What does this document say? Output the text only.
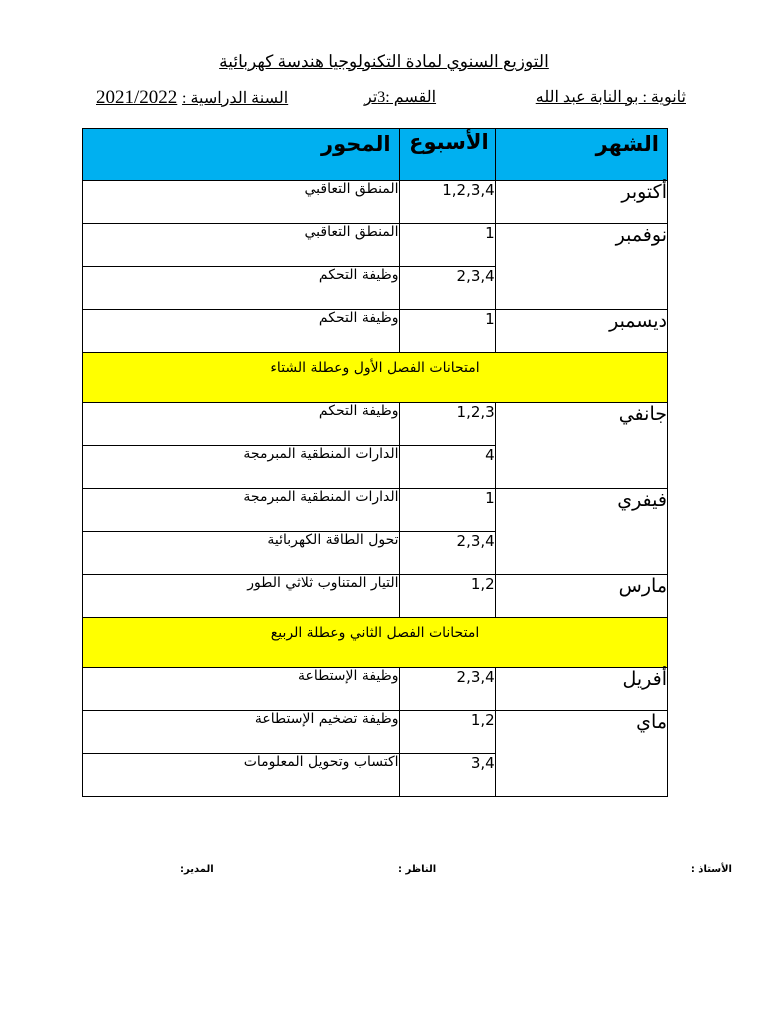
التوزيع السنوي لمادة التكنولوجيا هندسة كهربائية
ثانوية : بو النابة عبد الله
القسم :3تر
السنة الدراسية : 2021/2022
الشهر	الأسبوع	المحور
أكتوبر	1,2,3,4	المنطق التعاقبي
نوفمبر	1	المنطق التعاقبي
	2,3,4	وظيفة التحكم
ديسمبر	1	وظيفة التحكم
امتحانات الفصل الأول وعطلة الشتاء		
جانفي	1,2,3	وظيفة التحكم
	4	الدارات المنطقية المبرمجة
فيفري	1	الدارات المنطقية المبرمجة
	2,3,4	تحول الطاقة الكهربائية
مارس	1,2	التيار المتناوب ثلاثي الطور
امتحانات الفصل الثاني وعطلة الربيع		
أفريل	2,3,4	وظيفة الإستطاعة
ماي	1,2	وظيفة تضخيم الإستطاعة
	3,4	اكتساب وتحويل المعلومات
الأستاذ :
الناظر :
المدير:
